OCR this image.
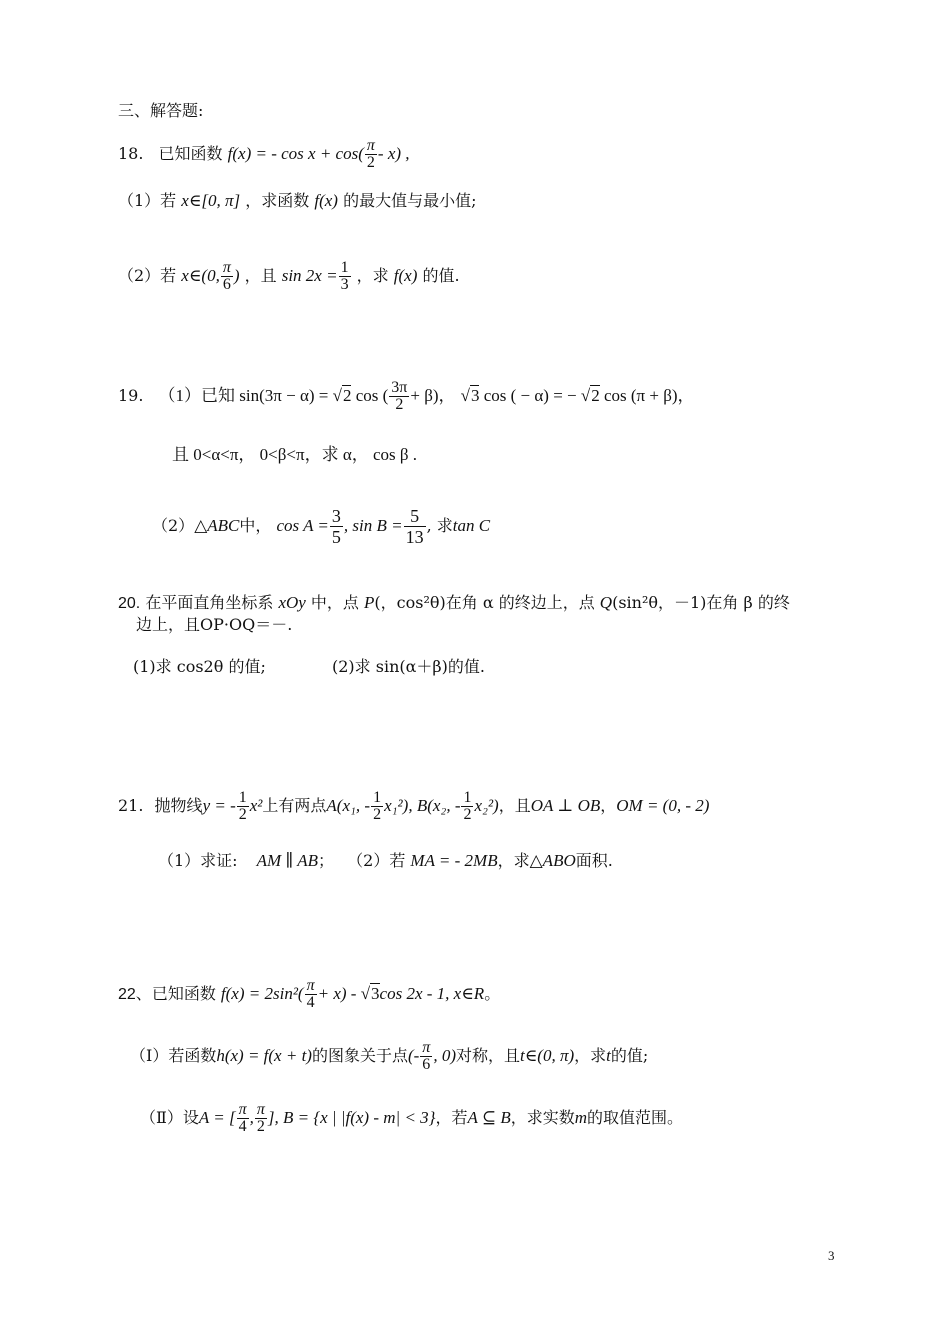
三、解答题:
18. 已知函数 f(x) = - $\cos x + \cos( \frac{\pi}{2} - x)$ ,
（1）若 x∈[0, π] ，求函数 f(x) 的最大值与最小值;
（2）若 x∈(0, $\frac{\pi}{6}$ ) ，且 $\sin 2x = \frac{1}{3}$ ，求 f(x) 的值.
19. （1）已知 sin(3π − α) = √2 cos ( $\frac{3\pi}{2} + \beta$)， √3 cos ( − α) = − √2 cos (π + β)，
且 0<α<π， 0<β<π，求 α， cos β .
（2）△ABC中， $\cos A = \frac{3}{5}$ , $\sin B = \frac{5}{13}$ , 求tan C
20. 在平面直角坐标系 xOy 中，点 P(，cos²θ)在角 α 的终边上，点 Q(sin²θ，－1)在角 β 的终
边上，且OP·OQ＝－.
(1)求 cos2θ 的值;	(2)求 sin(α＋β)的值.
21. 抛物线y = - $\frac{1}{2} x^2$上有两点A(x₁, - $\frac{1}{2} x_1^2$), B(x₂, - $\frac{1}{2} x_2^2$)，且OA ⊥ OB，OM = (0, - 2)
（1）求证: AM ∥ AB； （2）若 MA = - 2MB，求△ABO面积.
22、已知函数 $f(x) = 2\sin^2( \frac{\pi}{4} + x) - √3\cos$ 2x - 1, x∈R。
（Ⅰ）若函数h(x) = f(x + t)的图象关于点(- $\frac{\pi}{6}$ , 0)对称，且t∈(0, π)，求t的值;
（Ⅱ）设A = [ $\frac{\pi}{4}$ , $\frac{\pi}{2}$ ], B = {x | |f(x) - m| < 3}，若A ⊆ B，求实数m的取值范围。
3
